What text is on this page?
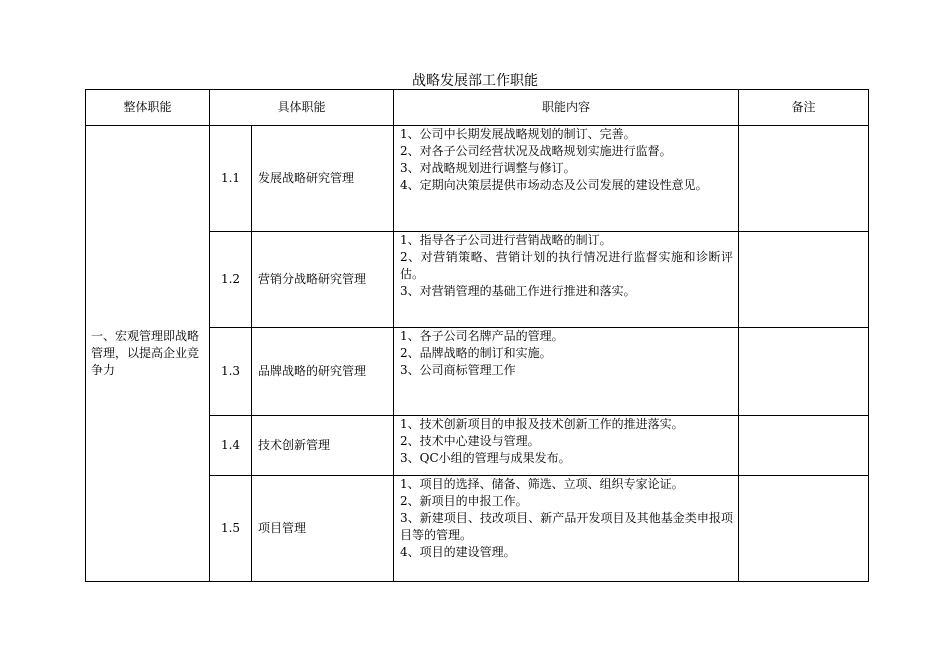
战略发展部工作职能
整体职能	具体职能		职能内容	备注
一、宏观管理即战略管理，以提高企业竞争力	1.1	发展战略研究管理	1、公司中长期发展战略规划的制订、完善。
2、对各子公司经营状况及战略规划实施进行监督。
3、对战略规划进行调整与修订。
4、定期向决策层提供市场动态及公司发展的建设性意见。	

	1.2	营销分战略研究管理	1、指导各子公司进行营销战略的制订。
2、对营销策略、营销计划的执行情况进行监督实施和诊断评估。
3、对营销管理的基础工作进行推进和落实。	

	1.3	品牌战略的研究管理	1、各子公司名牌产品的管理。
2、品牌战略的制订和实施。
3、公司商标管理工作	

	1.4	技术创新管理	1、技术创新项目的申报及技术创新工作的推进落实。
2、技术中心建设与管理。
3、QC小组的管理与成果发布。	

	1.5	项目管理	1、项目的选择、储备、筛选、立项、组织专家论证。
2、新项目的申报工作。
3、新建项目、技改项目、新产品开发项目及其他基金类申报项目等的管理。
4、项目的建设管理。	
